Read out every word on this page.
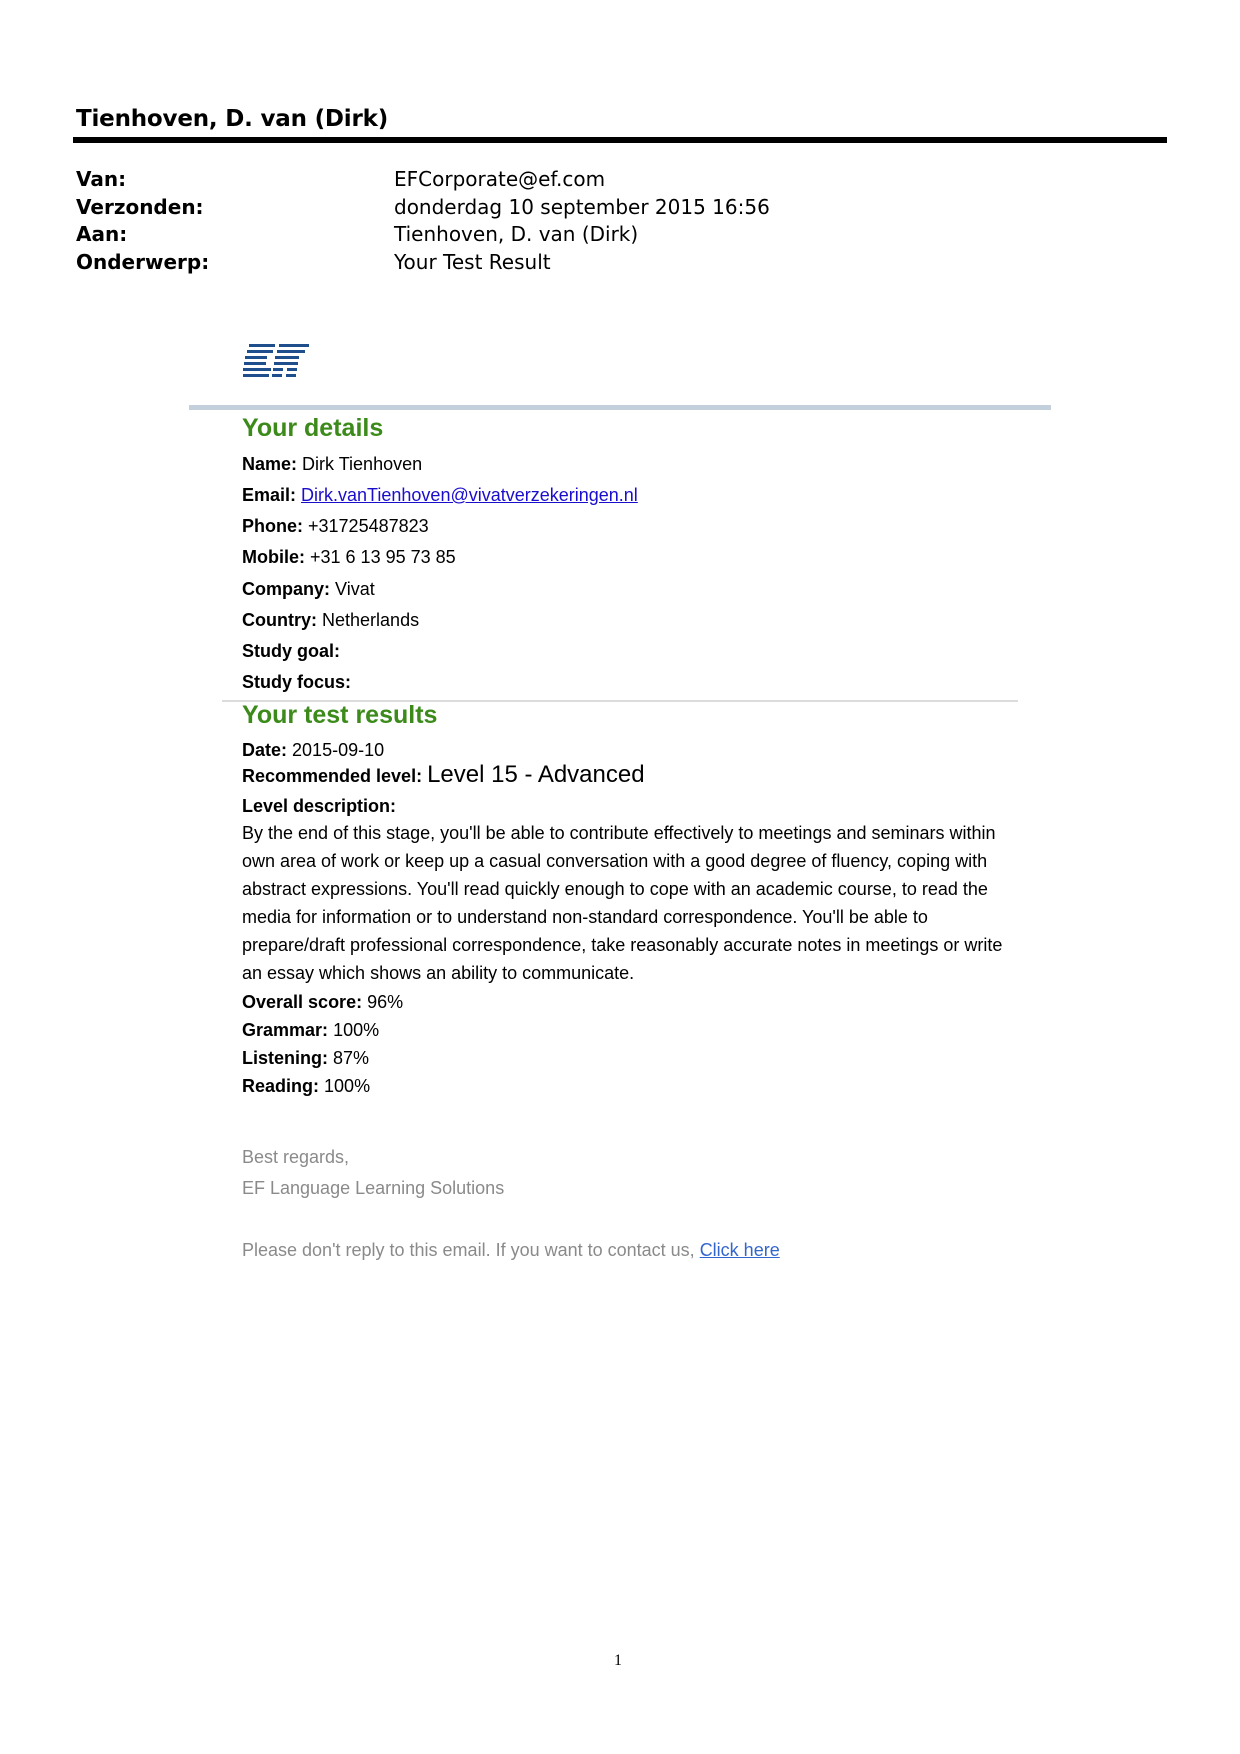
Tienhoven, D. van (Dirk)
Van:	EFCorporate@ef.com
Verzonden:	donderdag 10 september 2015 16:56
Aan:	Tienhoven, D. van (Dirk)
Onderwerp:	Your Test Result
Your details
Name: Dirk Tienhoven
Email: Dirk.vanTienhoven@vivatverzekeringen.nl
Phone: +31725487823
Mobile: +31 6 13 95 73 85
Company: Vivat
Country: Netherlands
Study goal:
Study focus:
Your test results
Date: 2015-09-10
Recommended level: Level 15 - Advanced
Level description:
By the end of this stage, you'll be able to contribute effectively to meetings and seminars within own area of work or keep up a casual conversation with a good degree of fluency, coping with abstract expressions. You'll read quickly enough to cope with an academic course, to read the media for information or to understand non-standard correspondence. You'll be able to prepare/draft professional correspondence, take reasonably accurate notes in meetings or write an essay which shows an ability to communicate.
Overall score: 96%
Grammar: 100%
Listening: 87%
Reading: 100%
Best regards,
EF Language Learning Solutions
Please don't reply to this email. If you want to contact us, Click here
1
